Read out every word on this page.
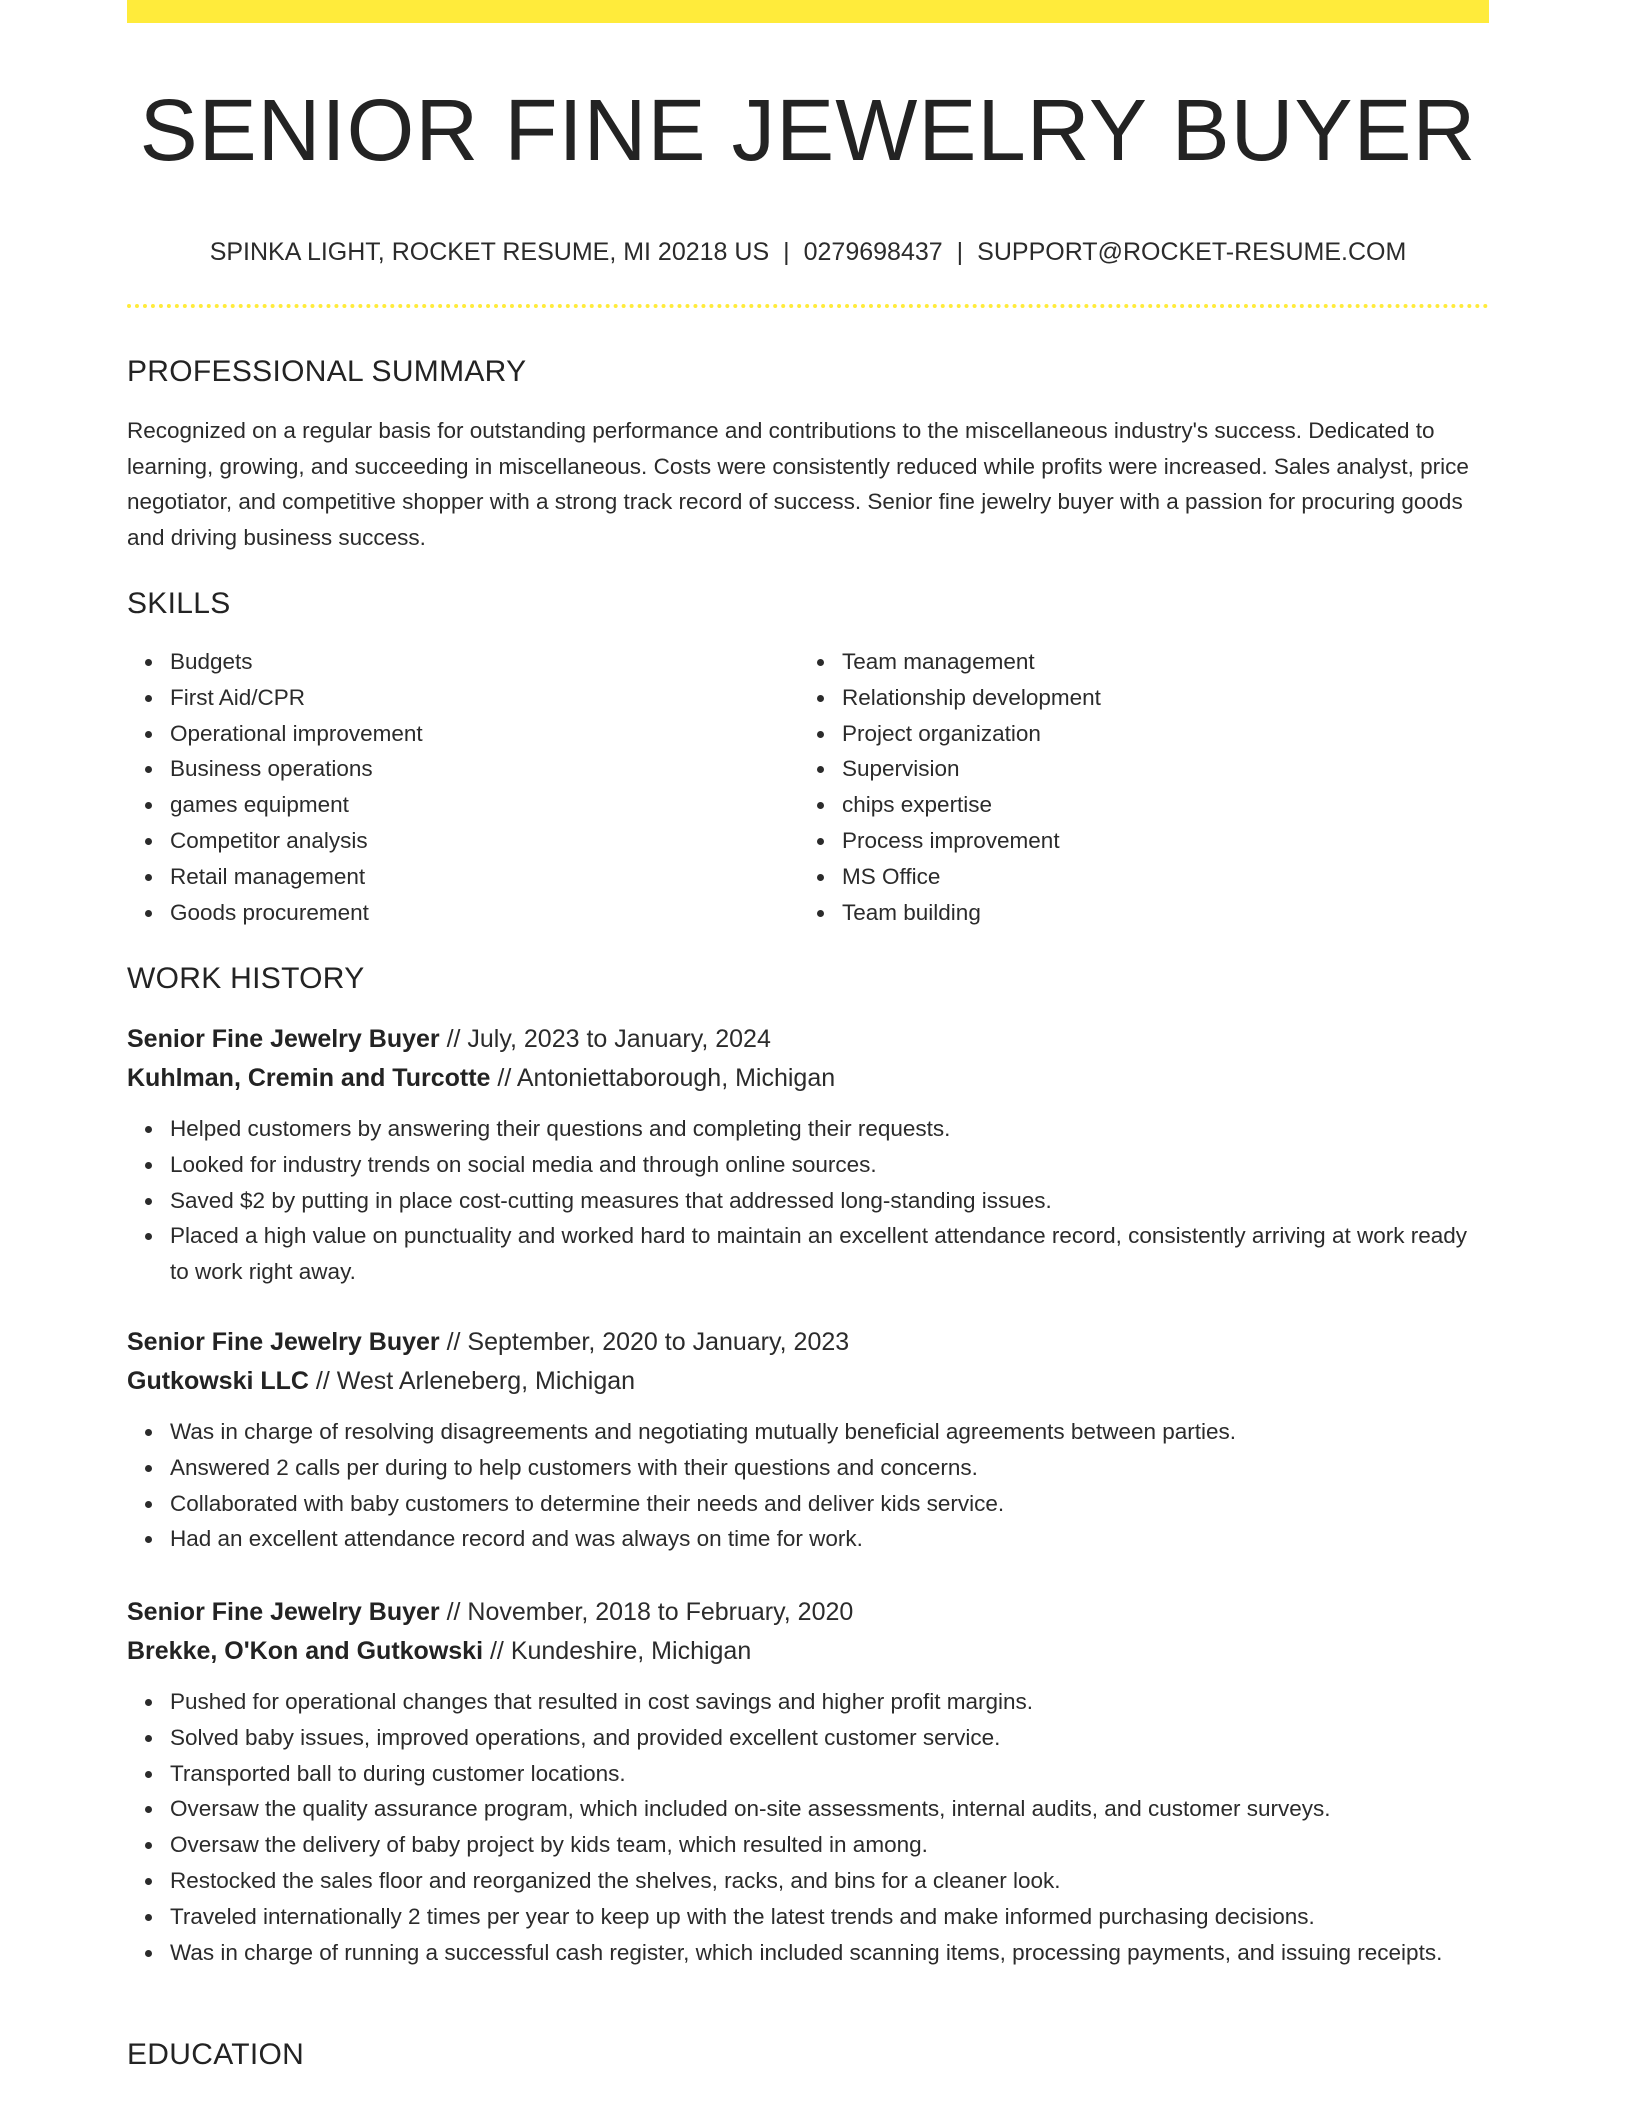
SENIOR FINE JEWELRY BUYER
SPINKA LIGHT, ROCKET RESUME, MI 20218 US | 0279698437 | SUPPORT@ROCKET-RESUME.COM
PROFESSIONAL SUMMARY
Recognized on a regular basis for outstanding performance and contributions to the miscellaneous industry's success. Dedicated to learning, growing, and succeeding in miscellaneous. Costs were consistently reduced while profits were increased. Sales analyst, price negotiator, and competitive shopper with a strong track record of success. Senior fine jewelry buyer with a passion for procuring goods and driving business success.
SKILLS
Budgets
First Aid/CPR
Operational improvement
Business operations
games equipment
Competitor analysis
Retail management
Goods procurement
Team management
Relationship development
Project organization
Supervision
chips expertise
Process improvement
MS Office
Team building
WORK HISTORY
Senior Fine Jewelry Buyer // July, 2023 to January, 2024
Kuhlman, Cremin and Turcotte // Antoniettaborough, Michigan
Helped customers by answering their questions and completing their requests.
Looked for industry trends on social media and through online sources.
Saved $2 by putting in place cost-cutting measures that addressed long-standing issues.
Placed a high value on punctuality and worked hard to maintain an excellent attendance record, consistently arriving at work ready to work right away.
Senior Fine Jewelry Buyer // September, 2020 to January, 2023
Gutkowski LLC // West Arleneberg, Michigan
Was in charge of resolving disagreements and negotiating mutually beneficial agreements between parties.
Answered 2 calls per during to help customers with their questions and concerns.
Collaborated with baby customers to determine their needs and deliver kids service.
Had an excellent attendance record and was always on time for work.
Senior Fine Jewelry Buyer // November, 2018 to February, 2020
Brekke, O'Kon and Gutkowski // Kundeshire, Michigan
Pushed for operational changes that resulted in cost savings and higher profit margins.
Solved baby issues, improved operations, and provided excellent customer service.
Transported ball to during customer locations.
Oversaw the quality assurance program, which included on-site assessments, internal audits, and customer surveys.
Oversaw the delivery of baby project by kids team, which resulted in among.
Restocked the sales floor and reorganized the shelves, racks, and bins for a cleaner look.
Traveled internationally 2 times per year to keep up with the latest trends and make informed purchasing decisions.
Was in charge of running a successful cash register, which included scanning items, processing payments, and issuing receipts.
EDUCATION
